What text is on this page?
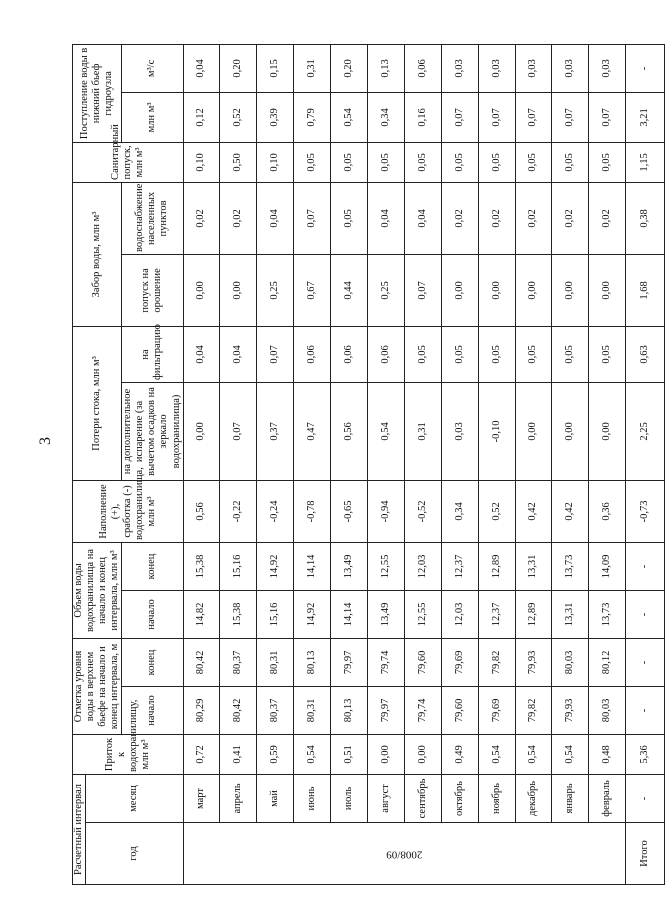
3
Расчетный интервал		Приток к водохранилищу, млн м³	Отметка уровня воды в верхнем бьефе на начало и конец интервала, м		Объем воды водохранилища на начало и конец интервала, млн м³		Наполнение (+), сработка (-) водохранилища, млн м³	Потери стока, млн м³		Забор воды, млн м³		Санитарный попуск, млн м³	Поступление воды в нижний бьеф гидроузла	
год	месяц													
			начало	конец	начало	конец		на дополнительное испарение (за вычетом осадков на зеркало водохранилища)	на фильтрацию	попуск на орошение	водоснабжение населенных пунктов		млн м³	м³/с
2008/09	март	0,72	80,29	80,42	14,82	15,38	0,56	0,00	0,04	0,00	0,02	0,10	0,12	0,04
	апрель	0,41	80,42	80,37	15,38	15,16	-0,22	0,07	0,04	0,00	0,02	0,50	0,52	0,20
	май	0,59	80,37	80,31	15,16	14,92	-0,24	0,37	0,07	0,25	0,04	0,10	0,39	0,15
	июнь	0,54	80,31	80,13	14,92	14,14	-0,78	0,47	0,06	0,67	0,07	0,05	0,79	0,31
	июль	0,51	80,13	79,97	14,14	13,49	-0,65	0,56	0,06	0,44	0,05	0,05	0,54	0,20
	август	0,00	79,97	79,74	13,49	12,55	-0,94	0,54	0,06	0,25	0,04	0,05	0,34	0,13
	сентябрь	0,00	79,74	79,60	12,55	12,03	-0,52	0,31	0,05	0,07	0,04	0,05	0,16	0,06
	октябрь	0,49	79,60	79,69	12,03	12,37	0,34	0,03	0,05	0,00	0,02	0,05	0,07	0,03
	ноябрь	0,54	79,69	79,82	12,37	12,89	0,52	-0,10	0,05	0,00	0,02	0,05	0,07	0,03
	декабрь	0,54	79,82	79,93	12,89	13,31	0,42	0,00	0,05	0,00	0,02	0,05	0,07	0,03
	январь	0,54	79,93	80,03	13,31	13,73	0,42	0,00	0,05	0,00	0,02	0,05	0,07	0,03
	февраль	0,48	80,03	80,12	13,73	14,09	0,36	0,00	0,05	0,00	0,02	0,05	0,07	0,03
Итого	-	5,36	-	-	-	-	-0,73	2,25	0,63	1,68	0,38	1,15	3,21	-
